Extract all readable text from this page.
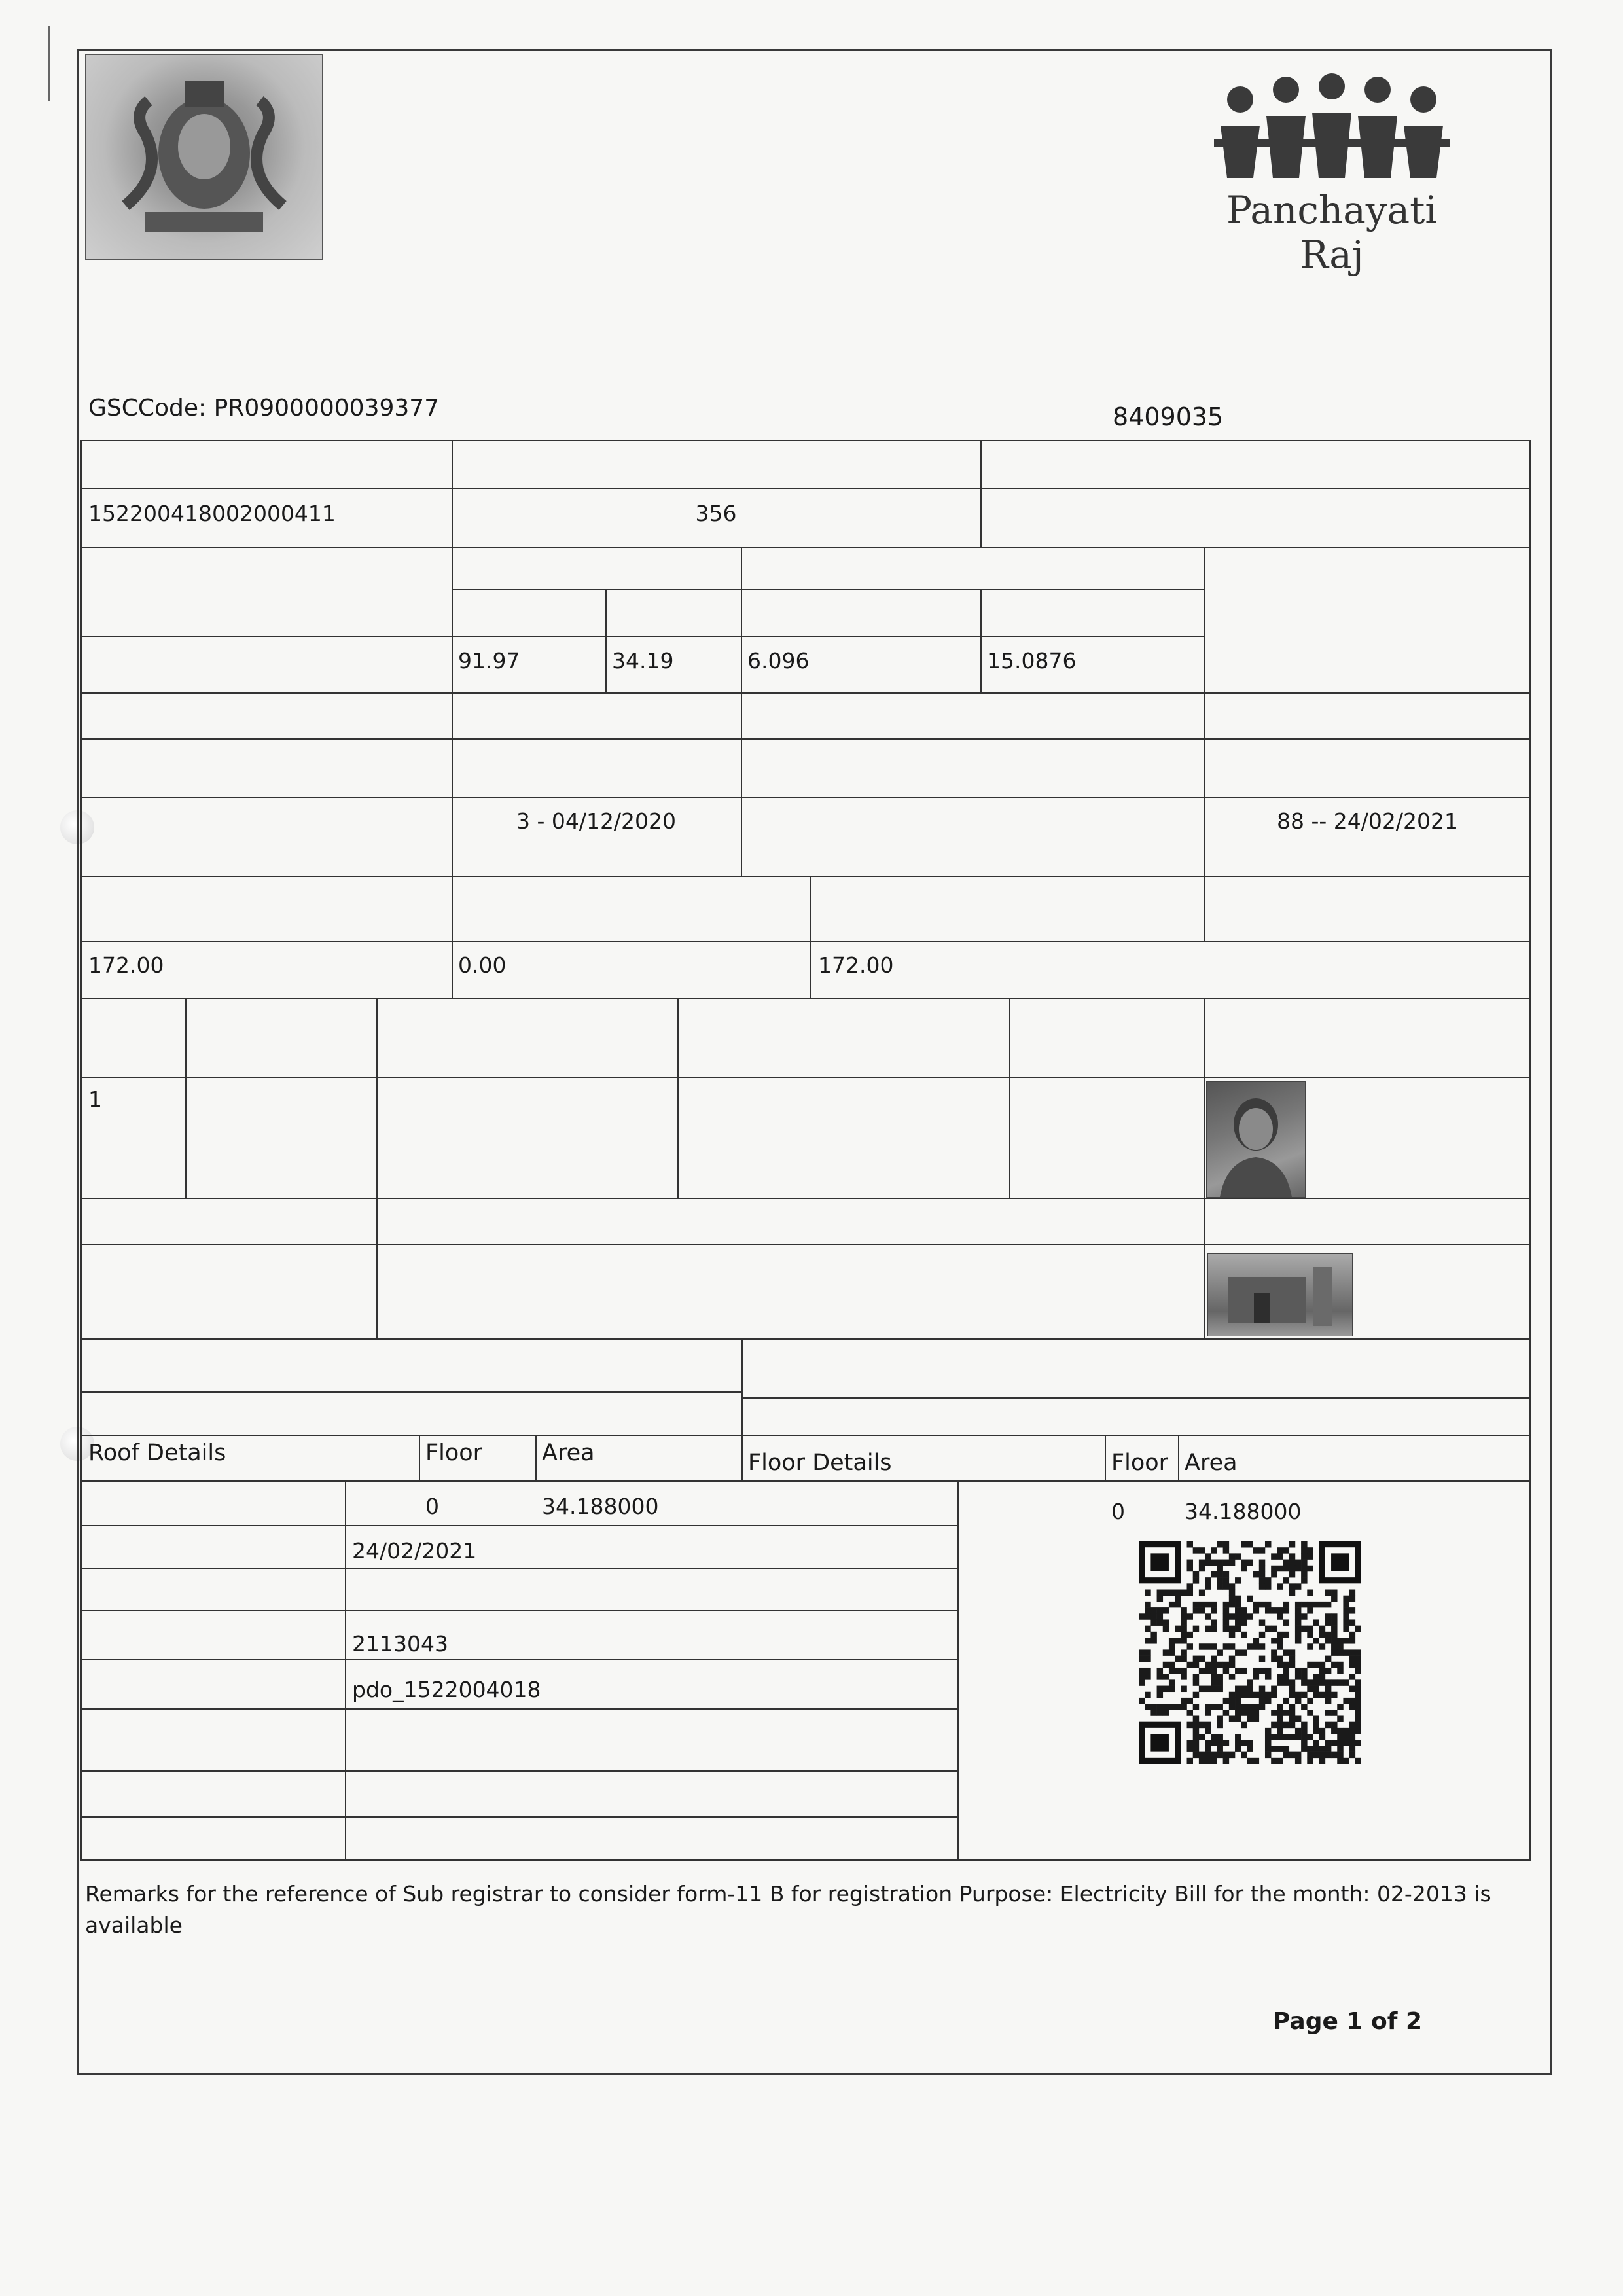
Panchayati Raj
GSCCode: PR0900000039377	8409035
152200418002000411	356
91.97	34.19	6.096	15.0876
3 - 04/12/2020	88 -- 24/02/2021
172.00	0.00	172.00
1
Roof Details	Floor	Area	Floor Details	Floor Area
0	34.188000	0	34.188000
24/02/2021
2113043
pdo_1522004018
Remarks for the reference of Sub registrar to consider form-11 B for registration Purpose: Electricity Bill for the month: 02-2013 is available
Page 1 of 2
